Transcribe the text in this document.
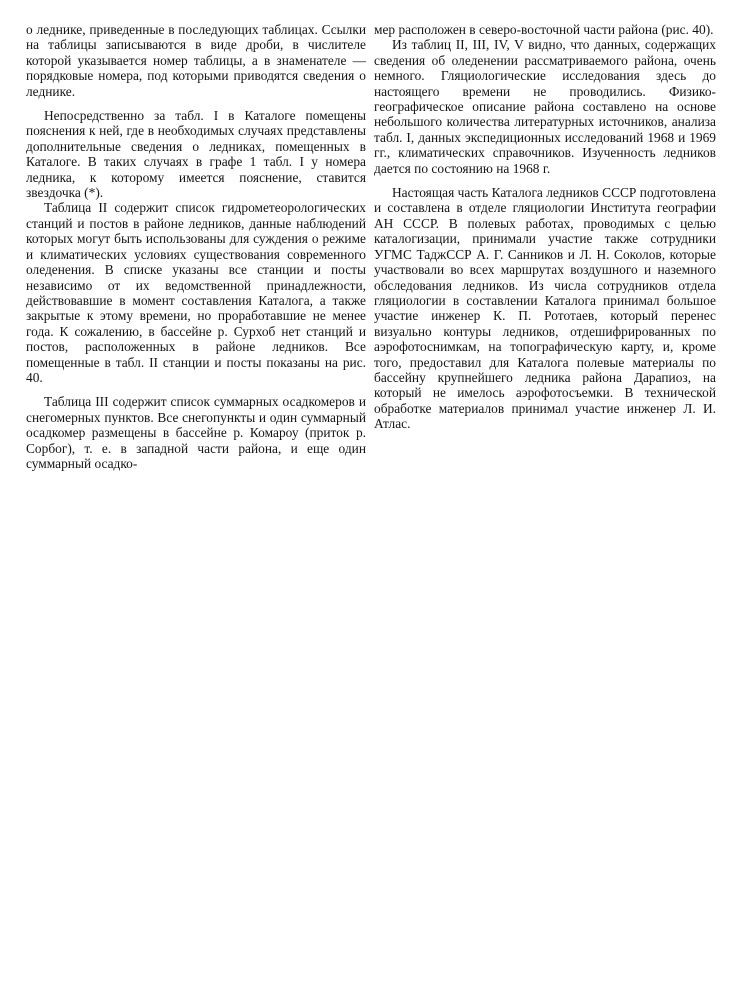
о леднике, приведенные в последующих таблицах. Ссылки на таблицы записываются в виде дроби, в числителе которой указывается номер таблицы, а в знаменателе — порядковые номера, под которыми приводятся сведения о леднике.

Непосредственно за табл. I в Каталоге помещены пояснения к ней, где в необходимых случаях представлены дополнительные сведения о ледниках, помещенных в Каталоге. В таких случаях в графе 1 табл. I у номера ледника, к которому имеется пояснение, ставится звездочка (*).

Таблица II содержит список гидрометеорологических станций и постов в районе ледников, данные наблюдений которых могут быть использованы для суждения о режиме и климатических условиях существования современного оледенения. В списке указаны все станции и посты независимо от их ведомственной принадлежности, действовавшие в момент составления Каталога, а также закрытые к этому времени, но проработавшие не менее года. К сожалению, в бассейне р. Сурхоб нет станций и постов, расположенных в районе ледников. Все помещенные в табл. II станции и посты показаны на рис. 40.

Таблица III содержит список суммарных осадкомеров и снегомерных пунктов. Все снегопункты и один суммарный осадкомер размещены в бассейне р. Комароу (приток р. Сорбог), т. е. в западной части района, и еще один суммарный осадко-

мер расположен в северо-восточной части района (рис. 40).

Из таблиц II, III, IV, V видно, что данных, содержащих сведения об оледенении рассматриваемого района, очень немного. Гляциологические исследования здесь до настоящего времени не проводились. Физико-географическое описание района составлено на основе небольшого количества литературных источников, анализа табл. I, данных экспедиционных исследований 1968 и 1969 гг., климатических справочников. Изученность ледников дается по состоянию на 1968 г.

Настоящая часть Каталога ледников СССР подготовлена и составлена в отделе гляциологии Института географии АН СССР. В полевых работах, проводимых с целью каталогизации, принимали участие также сотрудники УГМС ТаджССР А. Г. Санников и Л. Н. Соколов, которые участвовали во всех маршрутах воздушного и наземного обследования ледников. Из числа сотрудников отдела гляциологии в составлении Каталога принимал большое участие инженер К. П. Рототаев, который перенес визуально контуры ледников, отдешифрированных по аэрофотоснимкам, на топографическую карту, и, кроме того, предоставил для Каталога полевые материалы по бассейну крупнейшего ледника района Дарапиоз, на который не имелось аэрофотосъемки. В технической обработке материалов принимал участие инженер Л. И. Атлас.
